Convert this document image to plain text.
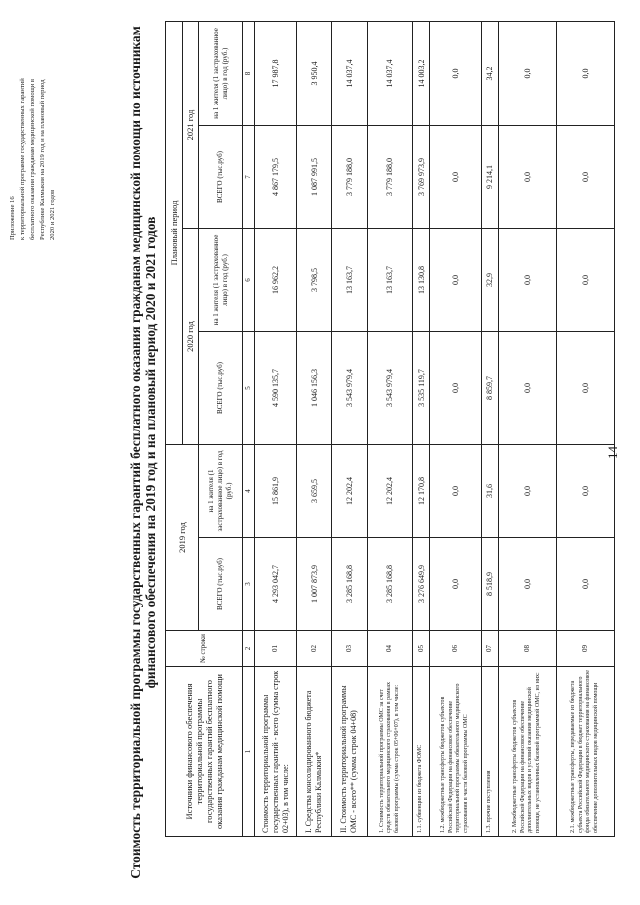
Приложение 16 к территориальной программе государственных гарантий бесплатного оказания гражданам медицинской помощи в Республике Калмыкия на 2019 год и на плановый период 2020 и 2021 годов	Стоимость территориальной программы государственных гарантий бесплатного оказания гражданам медицинской помощи по источникам финансового обеспечения на 2019 год и на плановый период 2020 и 2021 годов
Источники финансового обеспечения территориальной программы государственных гарантий бесплатного оказания гражданам медицинской помощи	№ строки	2019 год		Плановый период			
				2020 год		2021 год	
		ВСЕГО (тыс.руб)	на 1 жителя (1 застрахованное лицо) в год (руб.)	ВСЕГО (тыс.руб)	на 1 жителя (1 застрахованное лицо) в год (руб.)	ВСЕГО (тыс.руб)	на 1 жителя (1 застрахованное лицо) в год (руб.)
1	2	3	4	5	6	7	8
Стоимость территориальной программы государственных гарантий - всего (сумма строк 02+03), в том числе:	01	4 293 042,7	15 861,9	4 590 135,7	16 962,2	4 867 179,5	17 987,8
I. Средства консолидированного бюджета Республики Калмыкия*	02	1 007 873,9	3 659,5	1 046 156,3	3 798,5	1 087 991,5	3 950,4
II. Стоимость территориальной программы ОМС - всего** (сумма строк 04+08)	03	3 285 168,8	12 202,4	3 543 979,4	13 163,7	3 779 188,0	14 037,4
1. Стоимость территориальной программы ОМС за счет средств обязательного медицинского страхования в рамках базовой программы (сумма строк 05+06+07), в том числе:	04	3 285 168,8	12 202,4	3 543 979,4	13 163,7	3 779 188,0	14 037,4
1.1. субвенции из бюджета ФОМС	05	3 276 649,9	12 170,8	3 535 119,7	13 130,8	3 769 973,9	14 003,2
1.2. межбюджетные трансферты бюджетов субъектов Российской Федерации на финансовое обеспечение территориальной программы обязательного медицинского страхования в части базовой программы ОМС	06	0,0	0,0	0,0	0,0	0,0	0,0
1.3. прочие поступления	07	8 518,9	31,6	8 859,7	32,9	9 214,1	34,2
2. Межбюджетные трансферты бюджетов субъектов Российской Федерации на финансовое обеспечение дополнительных видов и условий оказания медицинской помощи, не установленных базовой программой ОМС, из них:	08	0,0	0,0	0,0	0,0	0,0	0,0
2.1. межбюджетные трансферты, передаваемые из бюджета субъекта Российской Федерации в бюджет территориального фонда обязательного медицинского страхования на финансовое обеспечение дополнительных видов медицинской помощи	09	0,0	0,0	0,0	0,0	0,0	0,0
14
